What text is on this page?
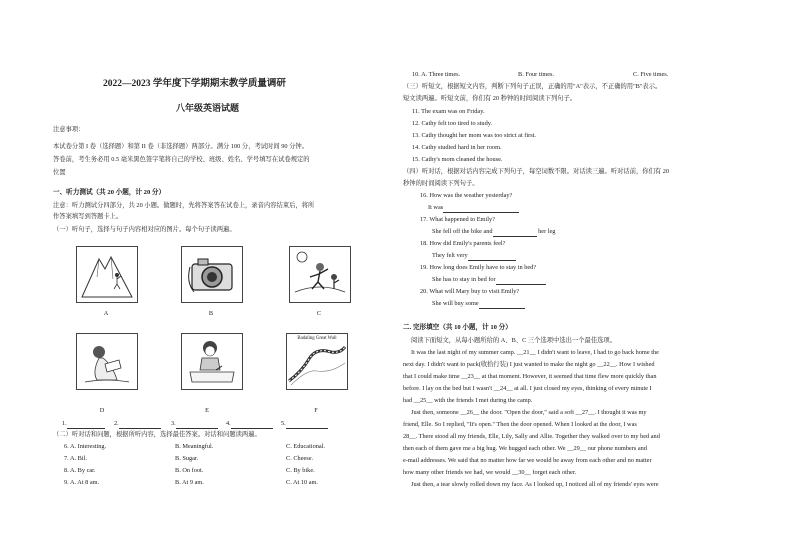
2022—2023 学年度下学期期末教学质量调研
八年级英语试题
注意事项：
本试卷分第 I 卷（选择题）和第 II 卷（非选择题）两部分。满分 100 分，考试时间 90 分钟。
答卷前，考生务必用 0.5 毫米黑色签字笔将自己的学校、班级、姓名、学号填写在试卷规定的
位置
一、听力测试（共 20 小题，计 20 分）
注意：听力测试分四部分，共 20 小题。做题时，先将答案答在试卷上，录音内容结束后，将所
作答案填写到答题卡上。
（一）听句子，选择与句子内容相对应的图片。每个句子读两遍。
A	B	C
Badaling Great Wall
D	E	F
1.	2.	3.	4.	5.
（二）听对话和问题，根据所听内容，选择最佳答案。对话和问题读两遍。
6. A. Interesting.	B. Meaningful.	C. Educational.
7. A. Bil.	B. Sugar.	C. Cheese.
8. A. By car.	B. On foot.	C. By bike.
9. A. At 8 am.	B. At 9 am.	C. At 10 am.
10. A. Three times.	B. Four times.	C. Five times.
（三）听短文，根据短文内容，判断下列句子正误，正确的用"A"表示，不正确的用"B"表示。
短文读两遍。听短文前，你们有 20 秒钟的时间阅读下列句子。
11. The exam was on Friday.
12. Cathy felt too tired to study.
13. Cathy thought her mom was too strict at first.
14. Cathy studied hard in her room.
15. Cathy's mom cleaned the house.
（四）听对话，根据对话内容完成下列句子，每空词数不限。对话读三遍。听对话前，你们有 20
秒钟的时间阅读下列句子。
16. How was the weather yesterday?
It was
17. What happened to Emily?
She fell off the bike and	her leg
18. How did Emily's parents feel?
They felt very
19. How long does Emily have to stay in bed?
She has to stay in bed for
20. What will Mary buy to visit Emily?
She will buy some
二. 完形填空（共 10 小题，计 10 分）
阅读下面短文，从每小题所给的 A、B、C 三个选项中选出一个最佳选项。
It was the last night of my summer camp. __21__ I didn't want to leave, I had to go back home the
next day. I didn't want to pack(收拾行装) I just wanted to make the night go __22__. How I wished
that I could make time __23__ at that moment. However, it seemed that time flew more quickly than
before. I lay on the bed but I wasn't __24__ at all. I just closed my eyes, thinking of every minute I
had __25__ with the friends I met during the camp.
Just then, someone __26__ the door. "Open the door," said a soft __27__. I thought it was my
friend, Elle. So I replied, "It's open." Then the door opened. When I looked at the door, I was
28__. There stood all my friends, Elle, Lily, Sally and Allie. Together they walked over to my bed and
then each of them gave me a big hug. We hugged each other. We __29__ our phone numbers and
e-mail addresses. We said that no matter how far we would be away from each other and no matter
how many other friends we had, we would __30__ forget each other.
Just then, a tear slowly rolled down my face. As I looked up, I noticed all of my friends' eyes were
